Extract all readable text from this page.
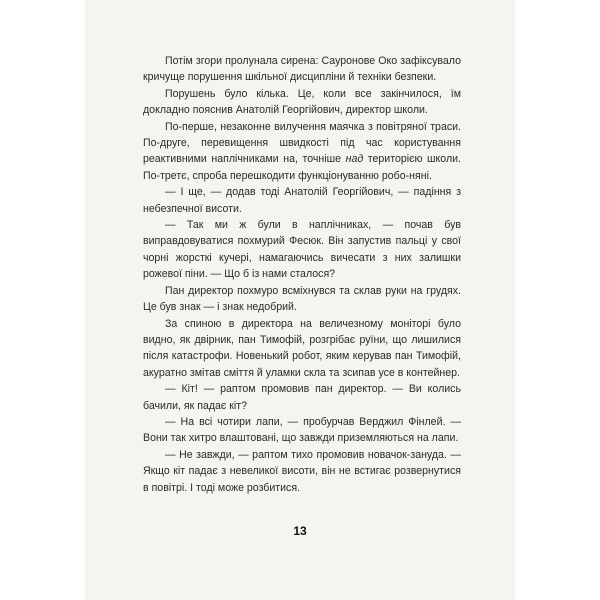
Потім згори пролунала сирена: Сауронове Око зафіксувало кричуще порушення шкільної дисципліни й техніки безпеки.

Порушень було кілька. Це, коли все закінчилося, їм докладно пояснив Анатолій Георгійович, директор школи.

По-перше, незаконне вилучення маячка з повітряної траси. По-друге, перевищення швидкості під час користування реактивними наплічниками на, точніше над територією школи. По-третє, спроба перешкодити функціонуванню робо-няні.

— І ще, — додав тоді Анатолій Георгійович, — падіння з небезпечної висоти.

— Так ми ж були в наплічниках, — почав був виправдовуватися похмурий Фесюк. Він запустив пальці у свої чорні жорсткі кучері, намагаючись вичесати з них залишки рожевої піни. — Що б із нами сталося?

Пан директор похмуро всміхнувся та склав руки на грудях. Це був знак — і знак недобрий.

За спиною в директора на величезному моніторі було видно, як двірник, пан Тимофій, розгрібає руїни, що лишилися після катастрофи. Новенький робот, яким керував пан Тимофій, акуратно змітав сміття й уламки скла та зсипав усе в контейнер.

— Кіт! — раптом промовив пан директор. — Ви колись бачили, як падає кіт?

— На всі чотири лапи, — пробурчав Верджил Фінлей. — Вони так хитро влаштовані, що завжди приземляються на лапи.

— Не завжди, — раптом тихо промовив новачок-зануда. — Якщо кіт падає з невеликої висоти, він не встигає розвернутися в повітрі. І тоді може розбитися.

13
